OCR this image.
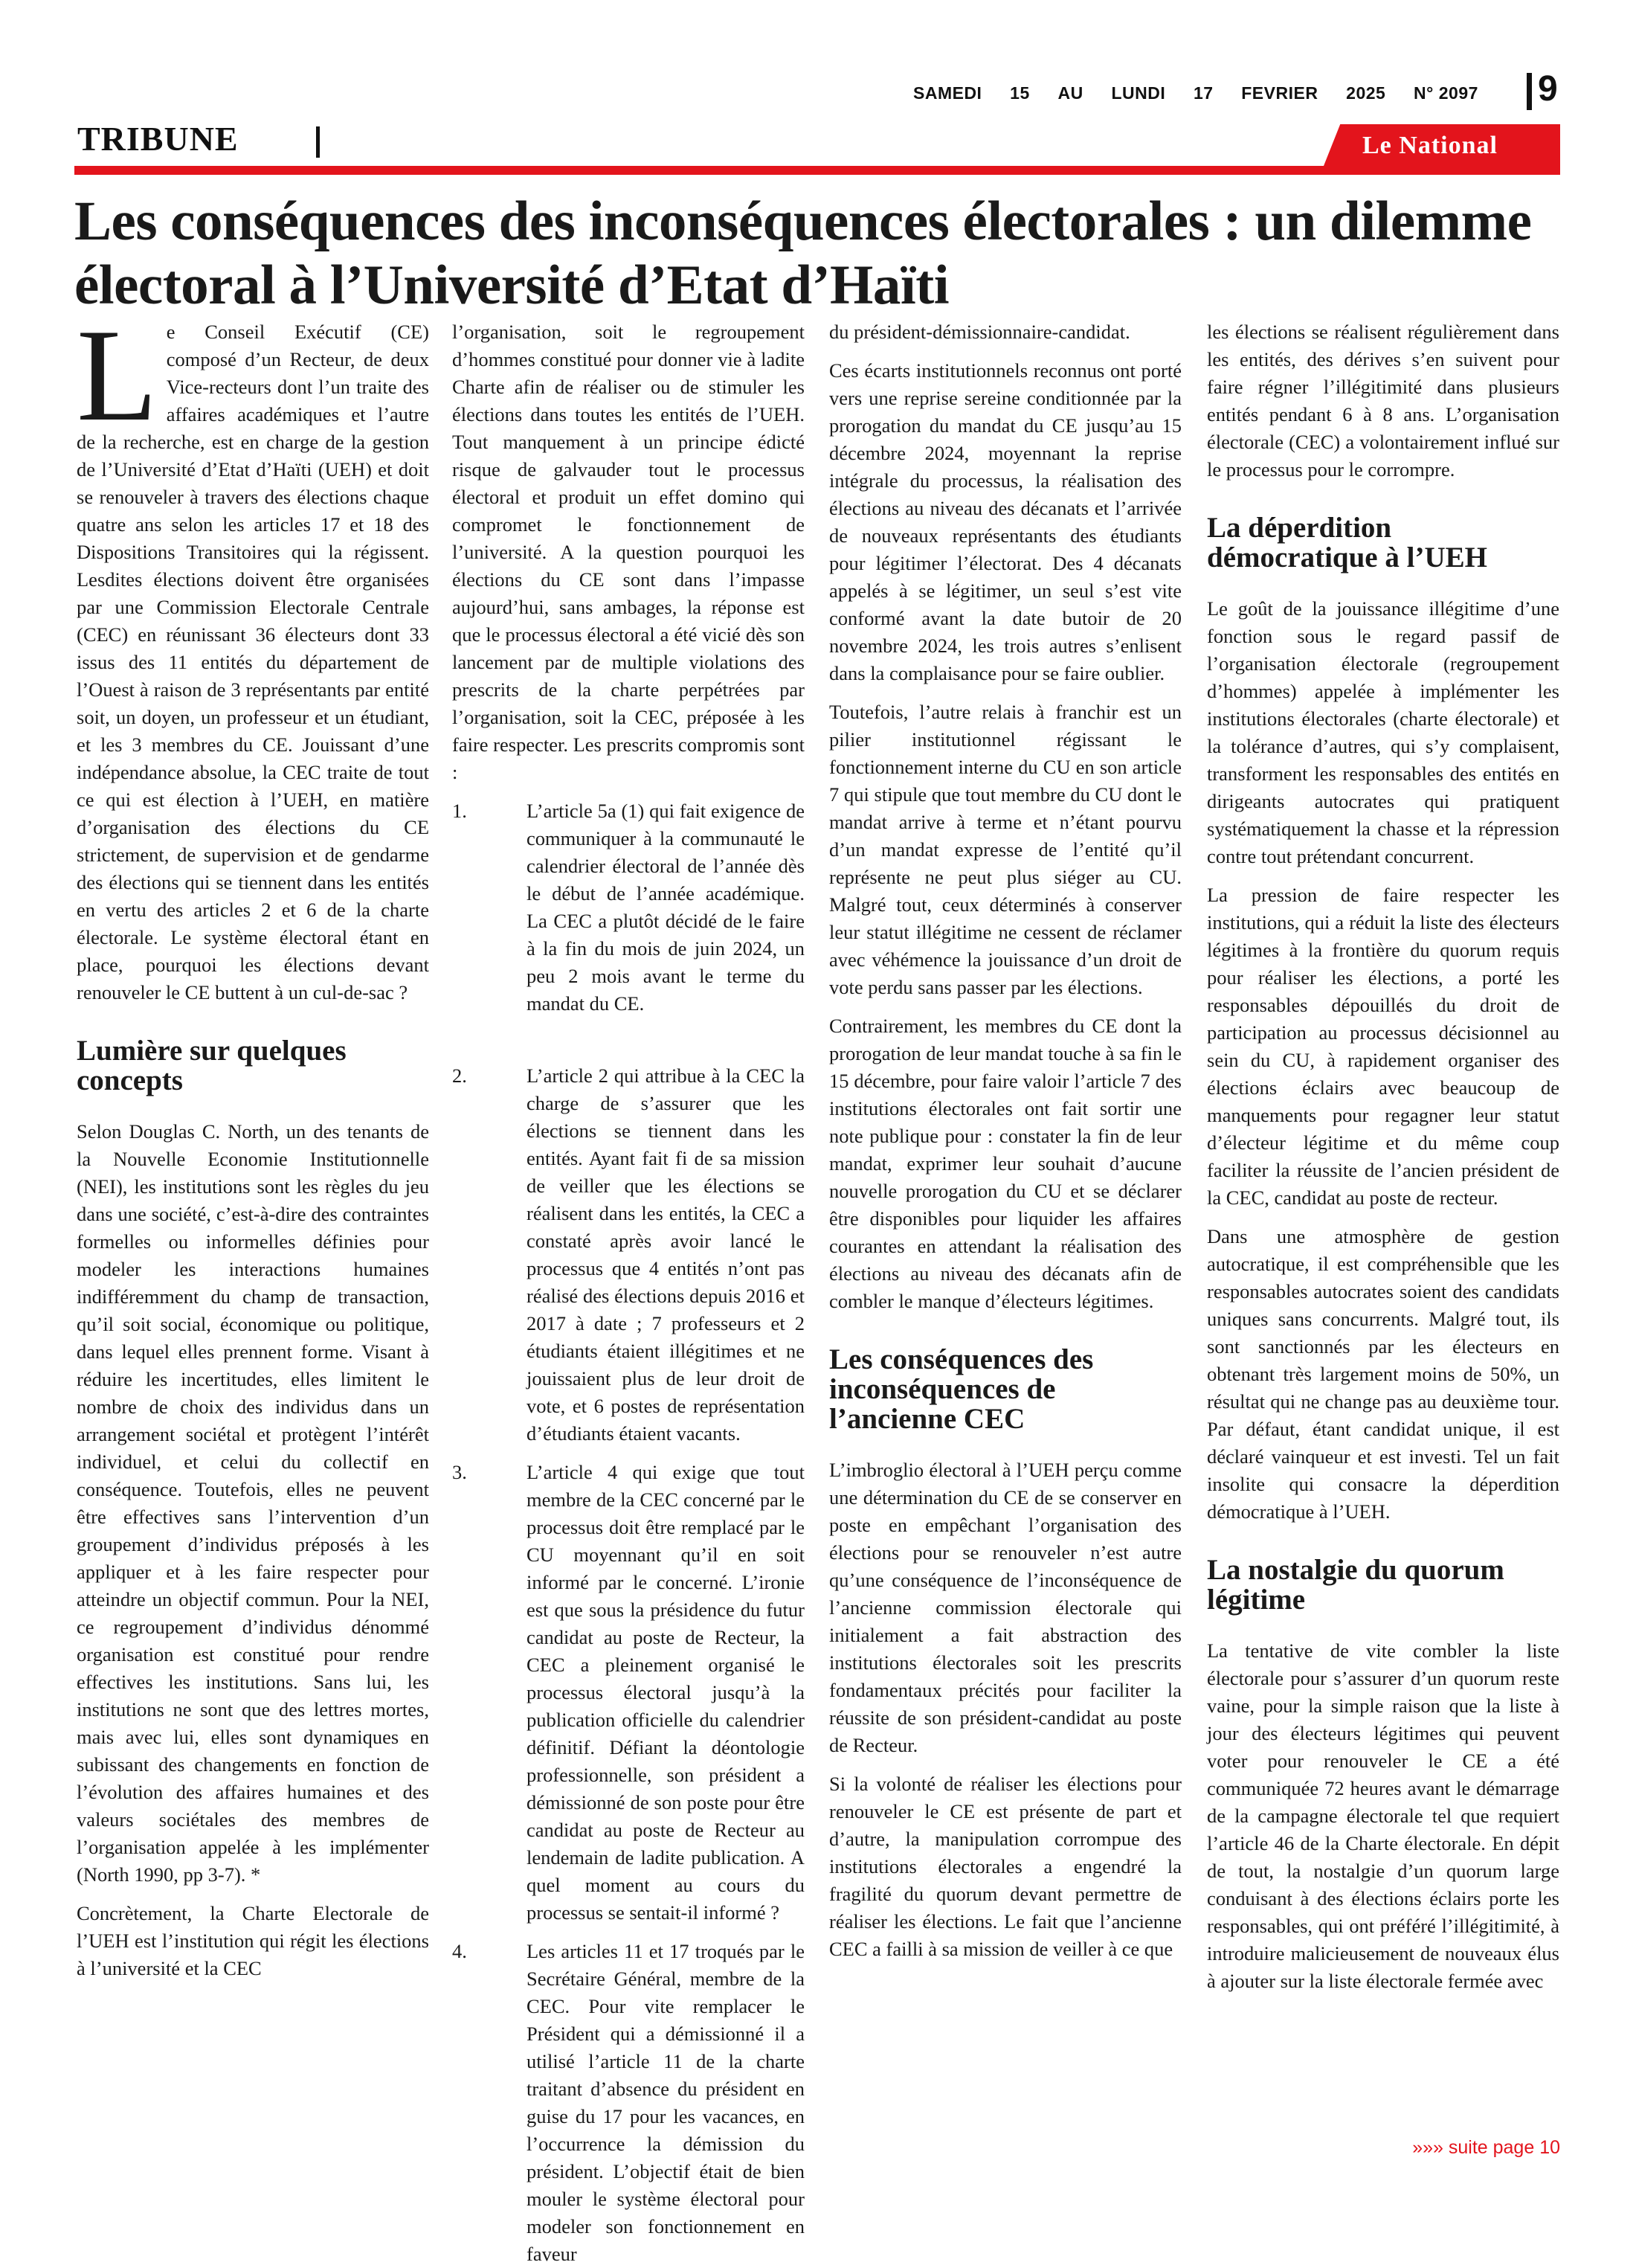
SAMEDI 15 AU LUNDI 17 FEVRIER 2025 N° 2097 9
TRIBUNE	Le National
Les conséquences des inconséquences électorales : un dilemme électoral à l’Université d’Etat d’Haïti

Le Conseil Exécutif (CE) composé d’un Recteur, de deux Vice-recteurs dont l’un traite des affaires académiques et l’autre de la recherche, est en charge de la gestion de l’Université d’Etat d’Haïti (UEH) et doit se renouveler à travers des élections chaque quatre ans selon les articles 17 et 18 des Dispositions Transitoires qui la régissent. Lesdites élections doivent être organisées par une Commission Electorale Centrale (CEC) en réunissant 36 électeurs dont 33 issus des 11 entités du département de l’Ouest à raison de 3 représentants par entité soit, un doyen, un professeur et un étudiant, et les 3 membres du CE. Jouissant d’une indépendance absolue, la CEC traite de tout ce qui est élection à l’UEH, en matière d’organisation des élections du CE strictement, de supervision et de gendarme des élections qui se tiennent dans les entités en vertu des articles 2 et 6 de la charte électorale. Le système électoral étant en place, pourquoi les élections devant renouveler le CE buttent à un cul-de-sac ?

Lumière sur quelques concepts

Selon Douglas C. North, un des tenants de la Nouvelle Economie Institutionnelle (NEI), les institutions sont les règles du jeu dans une société, c’est-à-dire des contraintes formelles ou informelles définies pour modeler les interactions humaines indifféremment du champ de transaction, qu’il soit social, économique ou politique, dans lequel elles prennent forme. Visant à réduire les incertitudes, elles limitent le nombre de choix des individus dans un arrangement sociétal et protègent l’intérêt individuel, et celui du collectif en conséquence. Toutefois, elles ne peuvent être effectives sans l’intervention d’un groupement d’individus préposés à les appliquer et à les faire respecter pour atteindre un objectif commun. Pour la NEI, ce regroupement d’individus dénommé organisation est constitué pour rendre effectives les institutions. Sans lui, les institutions ne sont que des lettres mortes, mais avec lui, elles sont dynamiques en subissant des changements en fonction de l’évolution des affaires humaines et des valeurs sociétales des membres de l’organisation appelée à les implémenter (North 1990, pp 3-7). *

Concrètement, la Charte Electorale de l’UEH est l’institution qui régit les élections à l’université et la CEC

l’organisation, soit le regroupement d’hommes constitué pour donner vie à ladite Charte afin de réaliser ou de stimuler les élections dans toutes les entités de l’UEH. Tout manquement à un principe édicté risque de galvauder tout le processus électoral et produit un effet domino qui compromet le fonctionnement de l’université. A la question pourquoi les élections du CE sont dans l’impasse aujourd’hui, sans ambages, la réponse est que le processus électoral a été vicié dès son lancement par de multiple violations des prescrits de la charte perpétrées par l’organisation, soit la CEC, préposée à les faire respecter. Les prescrits compromis sont :

1.	L’article 5a (1) qui fait exigence de communiquer à la communauté le calendrier électoral de l’année dès le début de l’année académique. La CEC a plutôt décidé de le faire à la fin du mois de juin 2024, un peu 2 mois avant le terme du mandat du CE.
2.	L’article 2 qui attribue à la CEC la charge de s’assurer que les élections se tiennent dans les entités. Ayant fait fi de sa mission de veiller que les élections se réalisent dans les entités, la CEC a constaté après avoir lancé le processus que 4 entités n’ont pas réalisé des élections depuis 2016 et 2017 à date ; 7 professeurs et 2 étudiants étaient illégitimes et ne jouissaient plus de leur droit de vote, et 6 postes de représentation d’étudiants étaient vacants.
3.	L’article 4 qui exige que tout membre de la CEC concerné par le processus doit être remplacé par le CU moyennant qu’il en soit informé par le concerné. L’ironie est que sous la présidence du futur candidat au poste de Recteur, la CEC a pleinement organisé le processus électoral jusqu’à la publication officielle du calendrier définitif. Défiant la déontologie professionnelle, son président a démissionné de son poste pour être candidat au poste de Recteur au lendemain de ladite publication. A quel moment au cours du processus se sentait-il informé ?
4.	Les articles 11 et 17 troqués par le Secrétaire Général, membre de la CEC. Pour vite remplacer le Président qui a démissionné il a utilisé l’article 11 de la charte traitant d’absence du président en guise du 17 pour les vacances, en l’occurrence la démission du président. L’objectif était de bien mouler le système électoral pour modeler son fonctionnement en faveur

du président-démissionnaire-candidat.

Ces écarts institutionnels reconnus ont porté vers une reprise sereine conditionnée par la prorogation du mandat du CE jusqu’au 15 décembre 2024, moyennant la reprise intégrale du processus, la réalisation des élections au niveau des décanats et l’arrivée de nouveaux représentants des étudiants pour légitimer l’électorat. Des 4 décanats appelés à se légitimer, un seul s’est vite conformé avant la date butoir de 20 novembre 2024, les trois autres s’enlisent dans la complaisance pour se faire oublier.

Toutefois, l’autre relais à franchir est un pilier institutionnel régissant le fonctionnement interne du CU en son article 7 qui stipule que tout membre du CU dont le mandat arrive à terme et n’étant pourvu d’un mandat expresse de l’entité qu’il représente ne peut plus siéger au CU. Malgré tout, ceux déterminés à conserver leur statut illégitime ne cessent de réclamer avec véhémence la jouissance d’un droit de vote perdu sans passer par les élections.

Contrairement, les membres du CE dont la prorogation de leur mandat touche à sa fin le 15 décembre, pour faire valoir l’article 7 des institutions électorales ont fait sortir une note publique pour : constater la fin de leur mandat, exprimer leur souhait d’aucune nouvelle prorogation du CU et se déclarer être disponibles pour liquider les affaires courantes en attendant la réalisation des élections au niveau des décanats afin de combler le manque d’électeurs légitimes.

Les conséquences des inconséquences de l’ancienne CEC

L’imbroglio électoral à l’UEH perçu comme une détermination du CE de se conserver en poste en empêchant l’organisation des élections pour se renouveler n’est autre qu’une conséquence de l’inconséquence de l’ancienne commission électorale qui initialement a fait abstraction des institutions électorales soit les prescrits fondamentaux précités pour faciliter la réussite de son président-candidat au poste de Recteur.

Si la volonté de réaliser les élections pour renouveler le CE est présente de part et d’autre, la manipulation corrompue des institutions électorales a engendré la fragilité du quorum devant permettre de réaliser les élections. Le fait que l’ancienne CEC a failli à sa mission de veiller à ce que

les élections se réalisent régulièrement dans les entités, des dérives s’en suivent pour faire régner l’illégitimité dans plusieurs entités pendant 6 à 8 ans. L’organisation électorale (CEC) a volontairement influé sur le processus pour le corrompre.

La déperdition démocratique à l’UEH

Le goût de la jouissance illégitime d’une fonction sous le regard passif de l’organisation électorale (regroupement d’hommes) appelée à implémenter les institutions électorales (charte électorale) et la tolérance d’autres, qui s’y complaisent, transforment les responsables des entités en dirigeants autocrates qui pratiquent systématiquement la chasse et la répression contre tout prétendant concurrent.

La pression de faire respecter les institutions, qui a réduit la liste des électeurs légitimes à la frontière du quorum requis pour réaliser les élections, a porté les responsables dépouillés du droit de participation au processus décisionnel au sein du CU, à rapidement organiser des élections éclairs avec beaucoup de manquements pour regagner leur statut d’électeur légitime et du même coup faciliter la réussite de l’ancien président de la CEC, candidat au poste de recteur.

Dans une atmosphère de gestion autocratique, il est compréhensible que les responsables autocrates soient des candidats uniques sans concurrents. Malgré tout, ils sont sanctionnés par les électeurs en obtenant très largement moins de 50%, un résultat qui ne change pas au deuxième tour. Par défaut, étant candidat unique, il est déclaré vainqueur et est investi. Tel un fait insolite qui consacre la déperdition démocratique à l’UEH.

La nostalgie du quorum légitime

La tentative de vite combler la liste électorale pour s’assurer d’un quorum reste vaine, pour la simple raison que la liste à jour des électeurs légitimes qui peuvent voter pour renouveler le CE a été communiquée 72 heures avant le démarrage de la campagne électorale tel que requiert l’article 46 de la Charte électorale. En dépit de tout, la nostalgie d’un quorum large conduisant à des élections éclairs porte les responsables, qui ont préféré l’illégitimité, à introduire malicieusement de nouveaux élus à ajouter sur la liste électorale fermée avec

»»» suite page 10
